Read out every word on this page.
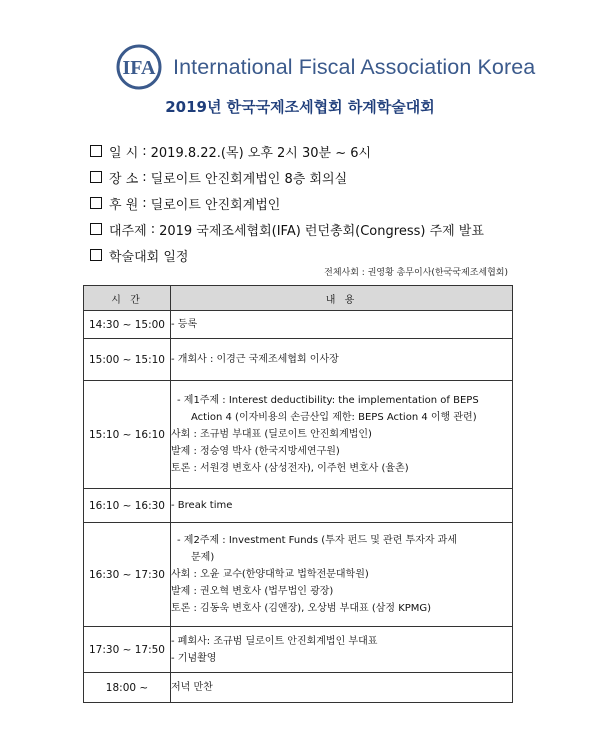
IFA International Fiscal Association Korea
2019년 한국국제조세협회 하계학술대회
일 시 : 2019.8.22.(목) 오후 2시 30분 ~ 6시
장 소 : 딜로이트 안진회계법인 8층 회의실
후 원 : 딜로이트 안진회계법인
대주제 : 2019 국제조세협회(IFA) 런던총회(Congress) 주제 발표
학술대회 일정
전체사회 : 권영황 총무이사(한국국제조세협회)
시 간	내 용
14:30 ~ 15:00	- 등록

15:00 ~ 15:10	- 개회사 : 이경근 국제조세협회 이사장

15:10 ~ 16:10	- 제1주제 : Interest deductibility: the implementation of BEPS
Action 4 (이자비용의 손금산입 제한: BEPS Action 4 이행 관련)
사회 : 조규범 부대표 (딜로이트 안진회계법인)
발제 : 정승영 박사 (한국지방세연구원)
토론 : 서원경 변호사 (삼성전자), 이주헌 변호사 (율촌)

16:10 ~ 16:30	- Break time

16:30 ~ 17:30	- 제2주제 : Investment Funds (투자 펀드 및 관련 투자자 과세
문제)
사회 : 오윤 교수(한양대학교 법학전문대학원)
발제 : 권오혁 변호사 (법무법인 광장)
토론 : 김동욱 변호사 (김앤장), 오상범 부대표 (삼정 KPMG)

17:30 ~ 17:50	- 폐회사: 조규범 딜로이트 안진회계법인 부대표
- 기념촬영

18:00 ~	저녁 만찬
